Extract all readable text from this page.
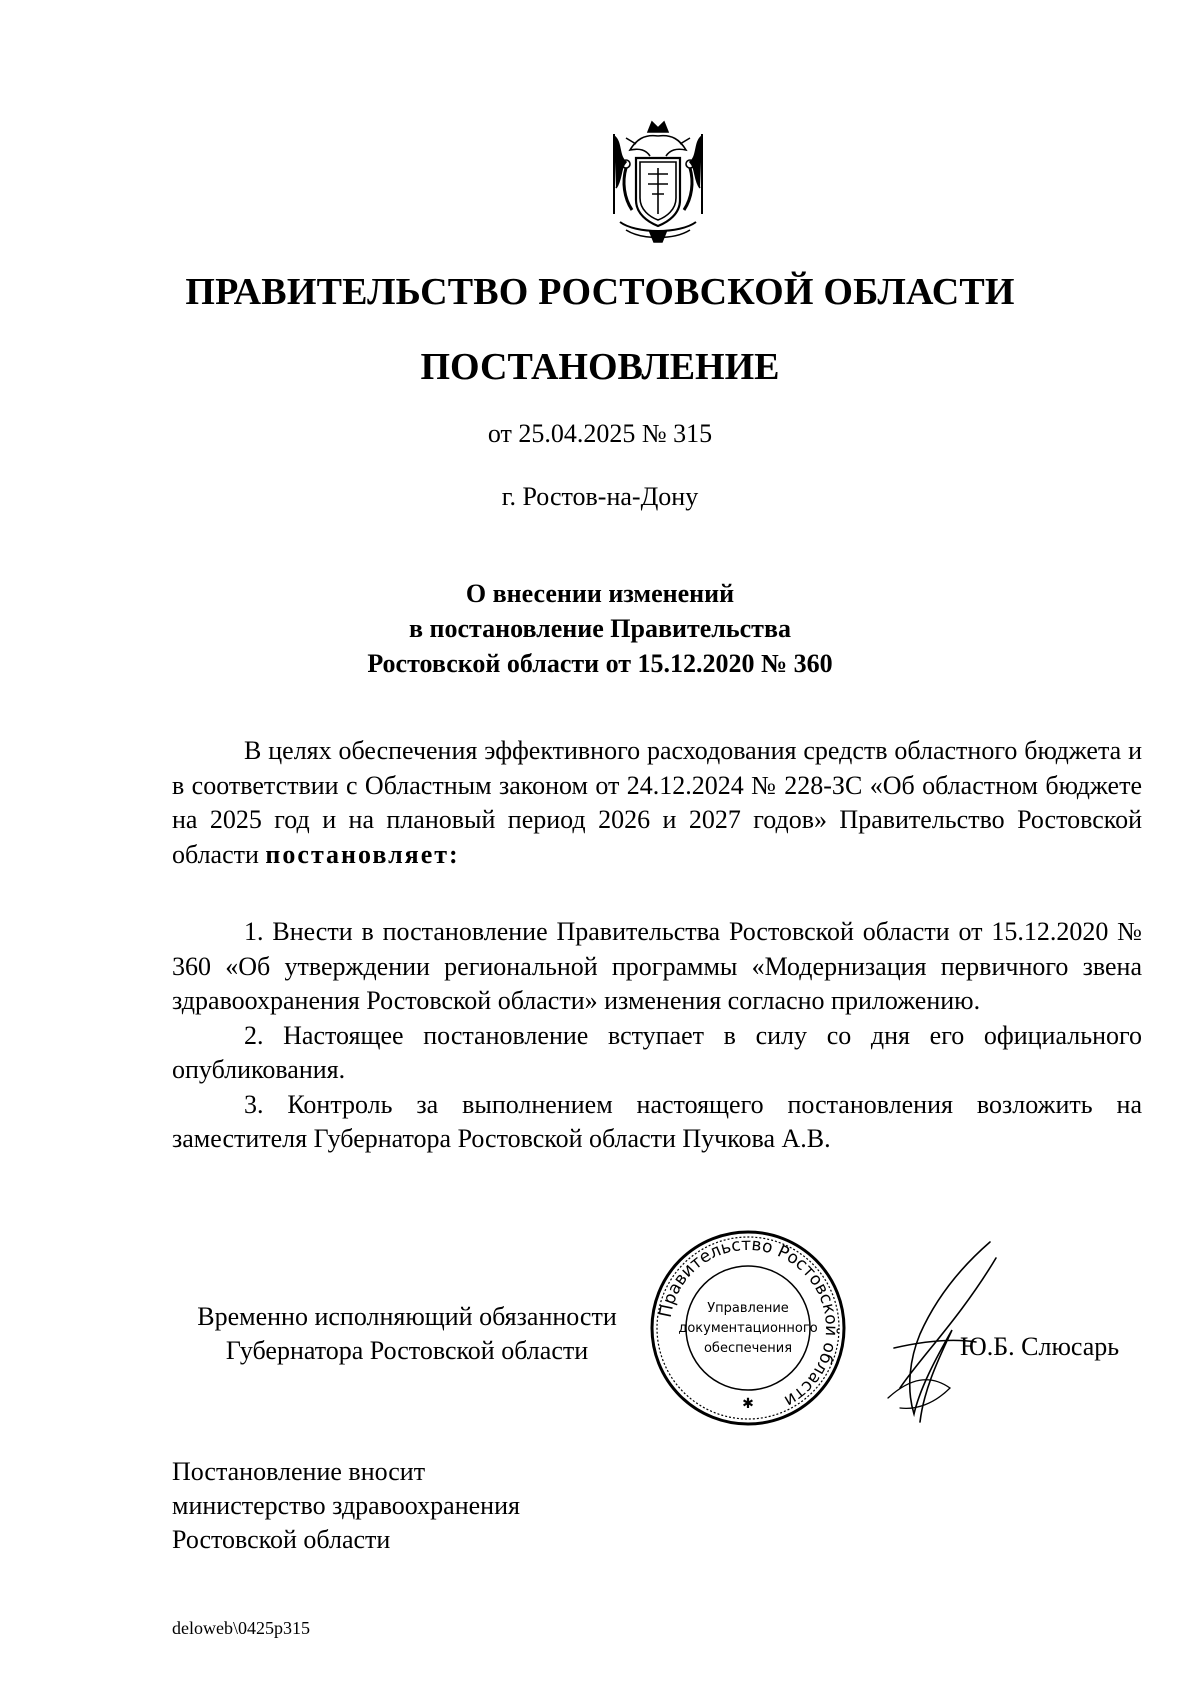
ПРАВИТЕЛЬСТВО РОСТОВСКОЙ ОБЛАСТИ
ПОСТАНОВЛЕНИЕ
от 25.04.2025 № 315
г. Ростов-на-Дону
О внесении изменений
в постановление Правительства
Ростовской области от 15.12.2020 № 360

В целях обеспечения эффективного расходования средств областного бюджета и в соответствии с Областным законом от 24.12.2024 № 228-ЗС «Об областном бюджете на 2025 год и на плановый период 2026 и 2027 годов» Правительство Ростовской области постановляет:

1. Внести в постановление Правительства Ростовской области от 15.12.2020 № 360 «Об утверждении региональной программы «Модернизация первичного звена здравоохранения Ростовской области» изменения согласно приложению.

2. Настоящее постановление вступает в силу со дня его официального опубликования.

3. Контроль за выполнением настоящего постановления возложить на заместителя Губернатора Ростовской области Пучкова А.В.

Временно исполняющий обязанности
Губернатора Ростовской области
Правительство Ростовской области
Управление
документационного
обеспечения
✱
Ю.Б. Слюсарь
Постановление вносит
министерство здравоохранения
Ростовской области
deloweb\0425p315
